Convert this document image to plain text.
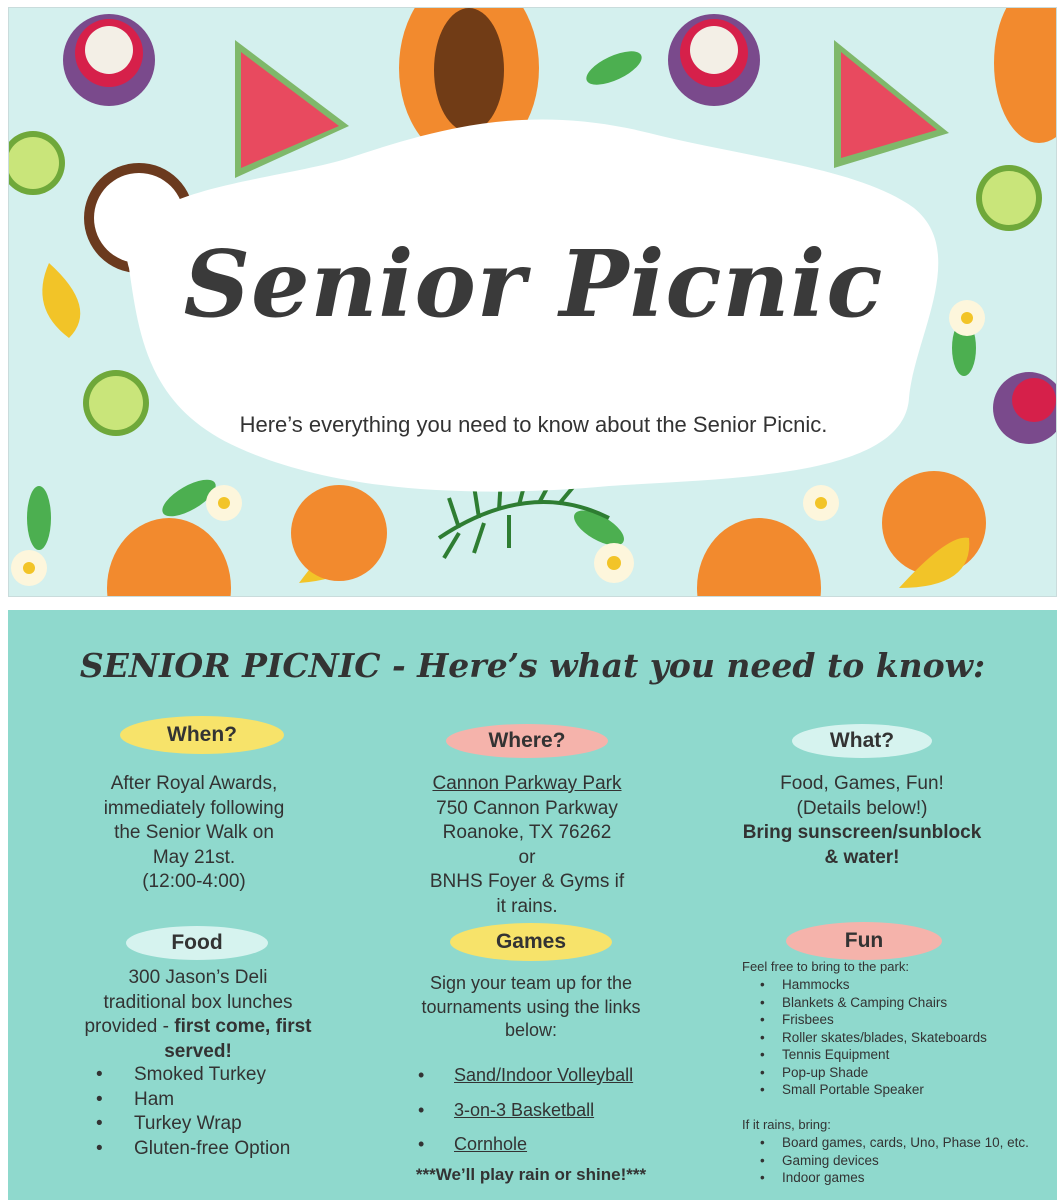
Senior Picnic
Here’s everything you need to know about the Senior Picnic.
SENIOR PICNIC - Here’s what you need to know:
When?
After Royal Awards,
immediately following
the Senior Walk on
May 21st.
(12:00-4:00)
Where?
Cannon Parkway Park
750 Cannon Parkway
Roanoke, TX 76262
or
BNHS Foyer & Gyms if
it rains.
What?
Food, Games, Fun!
(Details below!)
Bring sunscreen/sunblock
& water!
Food
300 Jason’s Deli
traditional box lunches
provided - first come, first
served!
• Smoked Turkey
• Ham
• Turkey Wrap
• Gluten-free Option
Games
Sign your team up for the
tournaments using the links
below:
• Sand/Indoor Volleyball
• 3-on-3 Basketball
• Cornhole
***We’ll play rain or shine!***
Fun
Feel free to bring to the park:
• Hammocks
• Blankets & Camping Chairs
• Frisbees
• Roller skates/blades, Skateboards
• Tennis Equipment
• Pop-up Shade
• Small Portable Speaker
If it rains, bring:
• Board games, cards, Uno, Phase 10, etc.
• Gaming devices
• Indoor games
